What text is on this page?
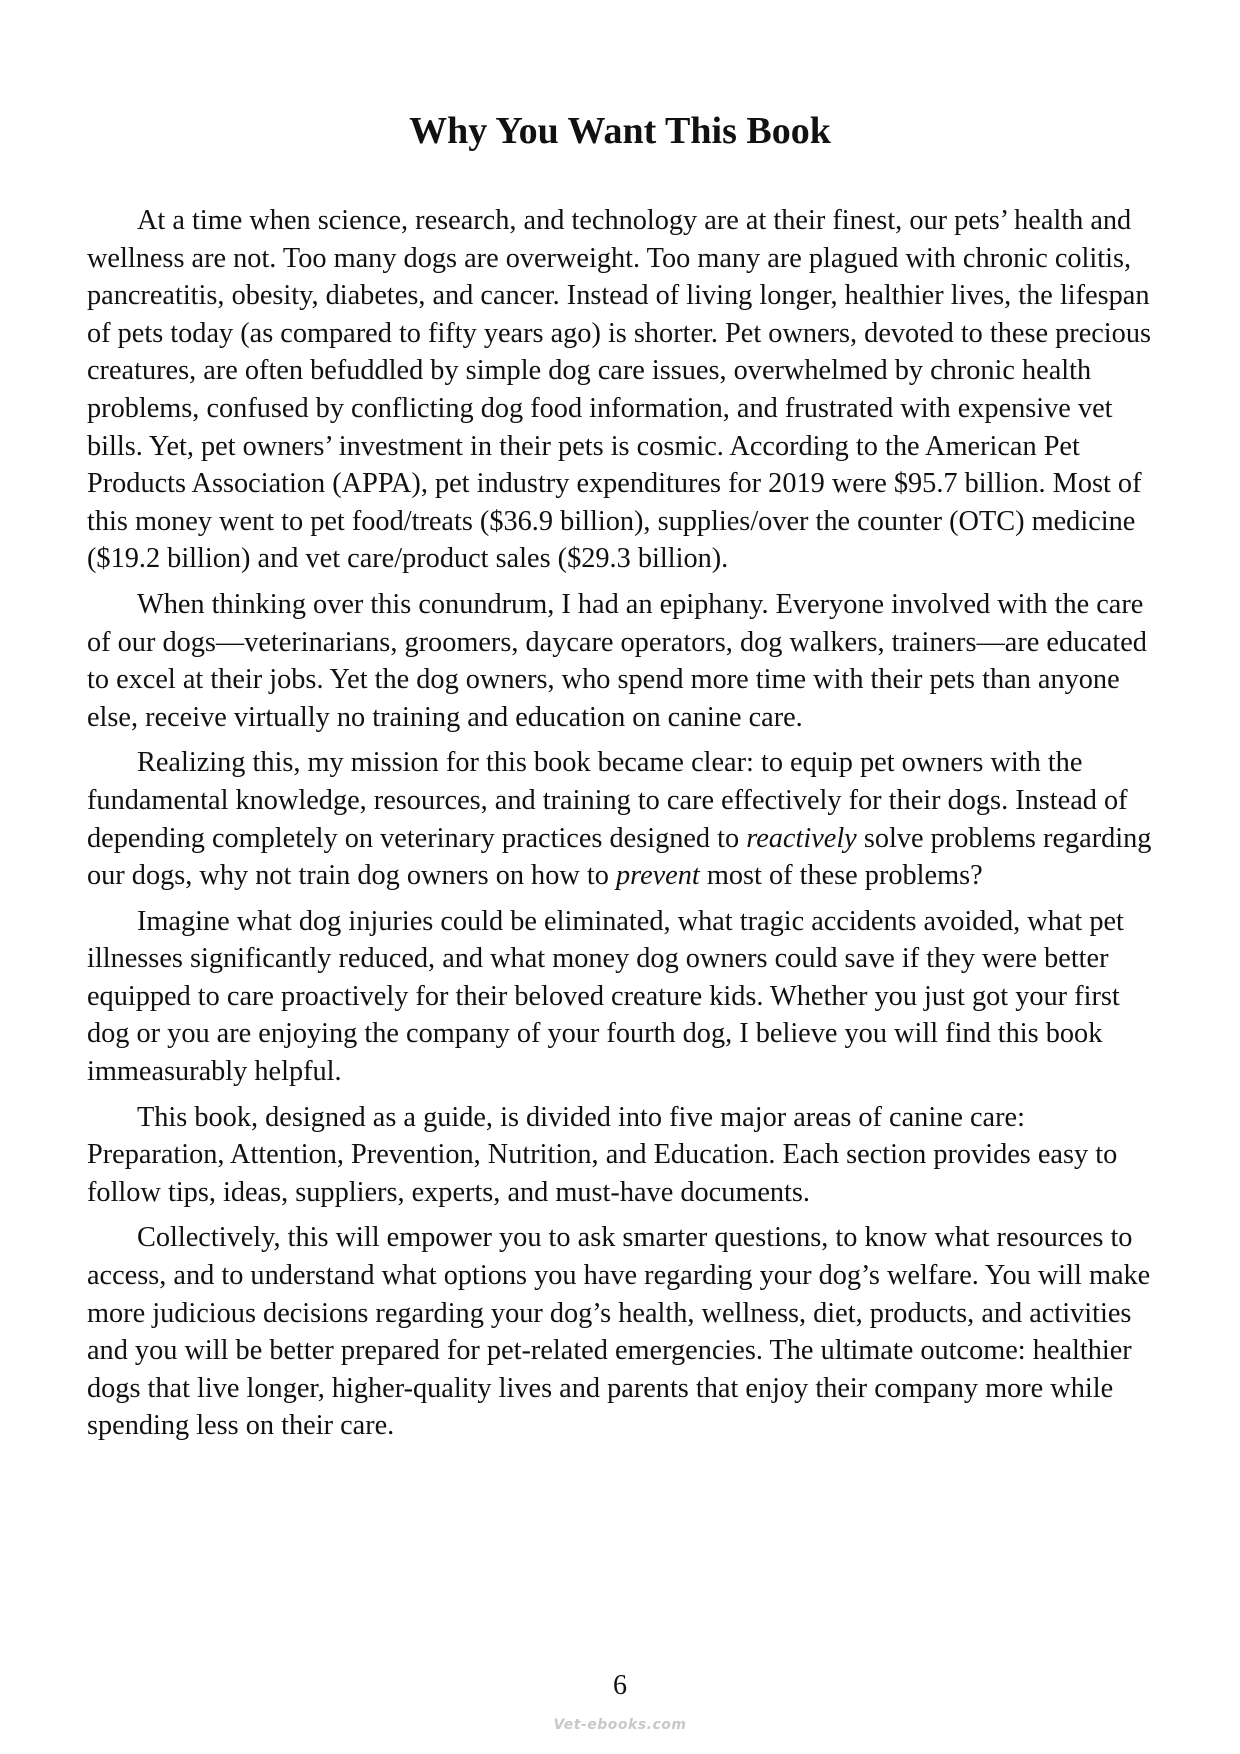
Why You Want This Book

At a time when science, research, and technology are at their finest, our pets’ health and wellness are not. Too many dogs are overweight. Too many are plagued with chronic colitis, pancreatitis, obesity, diabetes, and cancer. Instead of living longer, healthier lives, the lifespan of pets today (as compared to fifty years ago) is shorter. Pet owners, devoted to these precious creatures, are often befuddled by simple dog care issues, overwhelmed by chronic health problems, confused by conflicting dog food information, and frustrated with expensive vet bills. Yet, pet owners’ investment in their pets is cosmic. According to the American Pet Products Association (APPA), pet industry expenditures for 2019 were $95.7 billion. Most of this money went to pet food/treats ($36.9 billion), supplies/over the counter (OTC) medicine ($19.2 billion) and vet care/product sales ($29.3 billion).

When thinking over this conundrum, I had an epiphany. Everyone involved with the care of our dogs—veterinarians, groomers, daycare operators, dog walkers, trainers—are educated to excel at their jobs. Yet the dog owners, who spend more time with their pets than anyone else, receive virtually no training and education on canine care.

Realizing this, my mission for this book became clear: to equip pet owners with the fundamental knowledge, resources, and training to care effectively for their dogs. Instead of depending completely on veterinary practices designed to reactively solve problems regarding our dogs, why not train dog owners on how to prevent most of these problems?

Imagine what dog injuries could be eliminated, what tragic accidents avoided, what pet illnesses significantly reduced, and what money dog owners could save if they were better equipped to care proactively for their beloved creature kids. Whether you just got your first dog or you are enjoying the company of your fourth dog, I believe you will find this book immeasurably helpful.

This book, designed as a guide, is divided into five major areas of canine care: Preparation, Attention, Prevention, Nutrition, and Education. Each section provides easy to follow tips, ideas, suppliers, experts, and must-have documents.

Collectively, this will empower you to ask smarter questions, to know what resources to access, and to understand what options you have regarding your dog’s welfare. You will make more judicious decisions regarding your dog’s health, wellness, diet, products, and activities and you will be better prepared for pet-related emergencies. The ultimate outcome: healthier dogs that live longer, higher-quality lives and parents that enjoy their company more while spending less on their care.

6
Vet-ebooks.com
